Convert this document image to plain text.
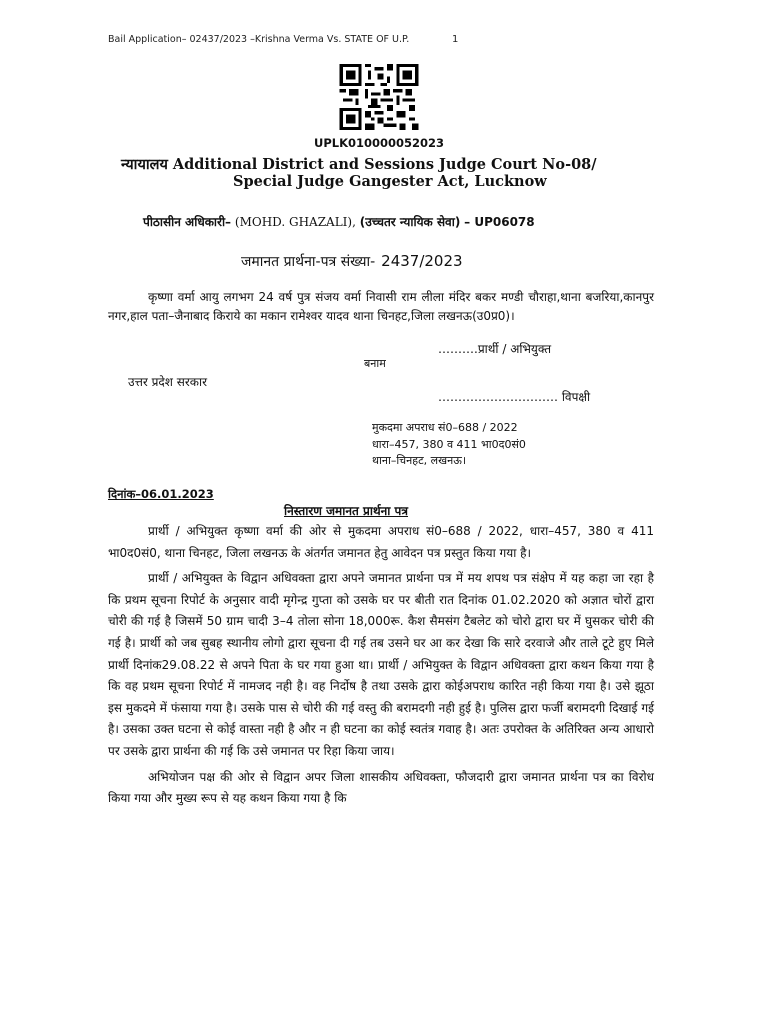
Bail Application– 02437/2023 –Krishna Verma Vs. STATE OF U.P.	1
UPLK010000052023
न्यायालय Additional District and Sessions Judge Court No-08/
Special Judge Gangester Act, Lucknow
पीठासीन अधिकारी– (MOHD. GHAZALI), (उच्चतर न्यायिक सेवा) – UP06078
जमानत प्रार्थना-पत्र संख्या- 2437/2023
कृष्णा वर्मा आयु लगभग 24 वर्ष पुत्र संजय वर्मा निवासी राम लीला मंदिर बकर मण्डी चौराहा,थाना बजरिया,कानपुर नगर,हाल पता–जैनाबाद किराये का मकान रामेश्वर यादव थाना चिनहट,जिला लखनऊ(उ0प्र0)।
……….प्रार्थी / अभियुक्त
बनाम
उत्तर प्रदेश सरकार
………………………… विपक्षी
मुकदमा अपराध सं0–688 / 2022
धारा–457, 380 व 411 भा0द0सं0
थाना–चिनहट, लखनऊ।
दिनांक–06.01.2023
निस्तारण जमानत प्रार्थना पत्र

प्रार्थी / अभियुक्त कृष्णा वर्मा की ओर से मुकदमा अपराध सं0–688 / 2022, धारा–457, 380 व 411 भा0द0सं0, थाना चिनहट, जिला लखनऊ के अंतर्गत जमानत हेतु आवेदन पत्र प्रस्तुत किया गया है।

प्रार्थी / अभियुक्त के विद्वान अधिवक्ता द्वारा अपने जमानत प्रार्थना पत्र में मय शपथ पत्र संक्षेप में यह कहा जा रहा है कि प्रथम सूचना रिपोर्ट के अनुसार वादी मृगेन्द्र गुप्ता को उसके घर पर बीती रात दिनांक 01.02.2020 को अज्ञात चोरों द्वारा चोरी की गई है जिसमें 50 ग्राम चादी 3–4 तोला सोना 18,000रू. कैश सैमसंग टैबलेट को चोरो द्वारा घर में घुसकर चोरी की गई है। प्रार्थी को जब सुबह स्थानीय लोगो द्वारा सूचना दी गई तब उसने घर आ कर देखा कि सारे दरवाजे और ताले टूटे हुए मिले प्रार्थी दिनांक29.08.22 से अपने पिता के घर गया हुआ था। प्रार्थी / अभियुक्त के विद्वान अधिवक्ता द्वारा कथन किया गया है कि वह प्रथम सूचना रिपोर्ट में नामजद नही है। वह निर्दोष है तथा उसके द्वारा कोईअपराध कारित नही किया गया है। उसे झूठा इस मुकदमे में फंसाया गया है। उसके पास से चोरी की गई वस्तु की बरामदगी नही हुई है। पुलिस द्वारा फर्जी बरामदगी दिखाई गई है। उसका उक्त घटना से कोई वास्ता नही है और न ही घटना का कोई स्वतंत्र गवाह है। अतः उपरोक्त के अतिरिक्त अन्य आधारो पर उसके द्वारा प्रार्थना की गई कि उसे जमानत पर रिहा किया जाय।

अभियोजन पक्ष की ओर से विद्वान अपर जिला शासकीय अधिवक्ता, फौजदारी द्वारा जमानत प्रार्थना पत्र का विरोध किया गया और मुख्य रूप से यह कथन किया गया है कि
